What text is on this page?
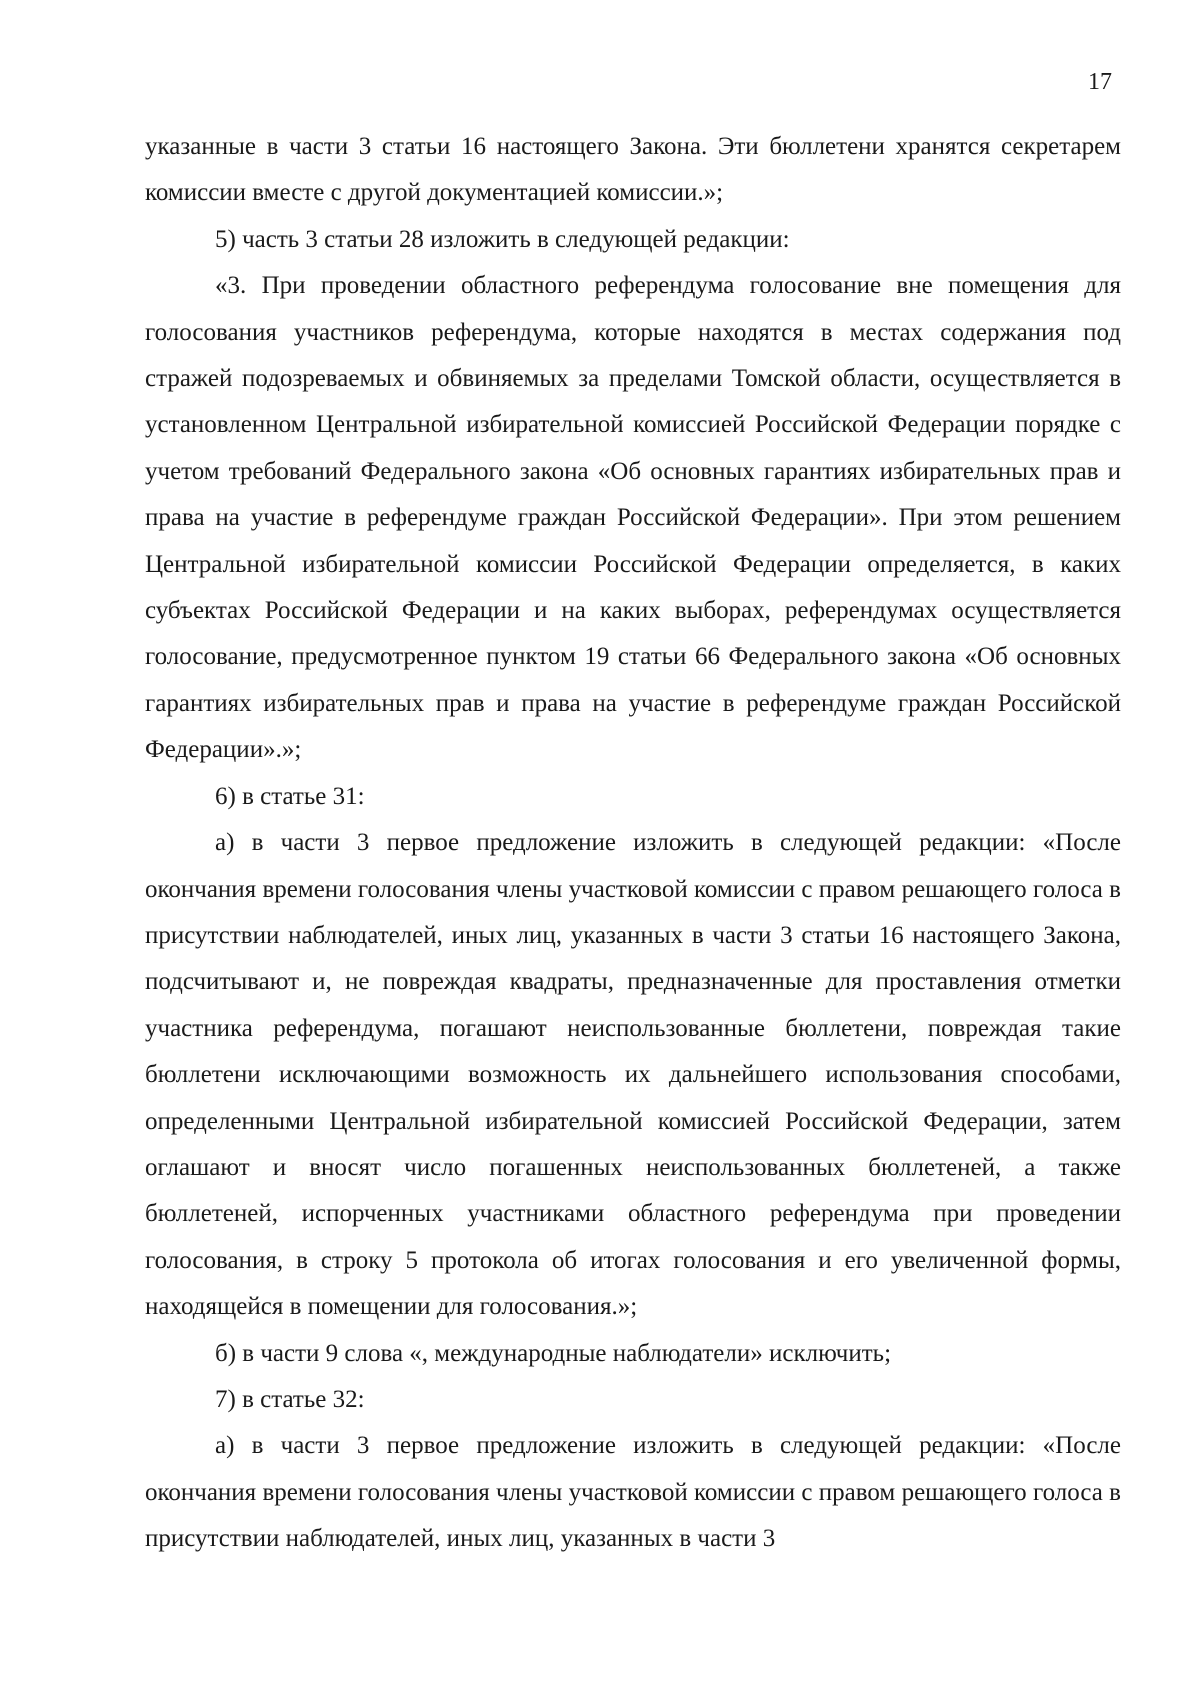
17

указанные в части 3 статьи 16 настоящего Закона. Эти бюллетени хранятся секретарем комиссии вместе с другой документацией комиссии.»;

5) часть 3 статьи 28 изложить в следующей редакции:

«3. При проведении областного референдума голосование вне помещения для голосования участников референдума, которые находятся в местах содержания под стражей подозреваемых и обвиняемых за пределами Томской области, осуществляется в установленном Центральной избирательной комиссией Российской Федерации порядке с учетом требований Федерального закона «Об основных гарантиях избирательных прав и права на участие в референдуме граждан Российской Федерации». При этом решением Центральной избирательной комиссии Российской Федерации определяется, в каких субъектах Российской Федерации и на каких выборах, референдумах осуществляется голосование, предусмотренное пунктом 19 статьи 66 Федерального закона «Об основных гарантиях избирательных прав и права на участие в референдуме граждан Российской Федерации».»;

6) в статье 31:

а) в части 3 первое предложение изложить в следующей редакции: «После окончания времени голосования члены участковой комиссии с правом решающего голоса в присутствии наблюдателей, иных лиц, указанных в части 3 статьи 16 настоящего Закона, подсчитывают и, не повреждая квадраты, предназначенные для проставления отметки участника референдума, погашают неиспользованные бюллетени, повреждая такие бюллетени исключающими возможность их дальнейшего использования способами, определенными Центральной избирательной комиссией Российской Федерации, затем оглашают и вносят число погашенных неиспользованных бюллетеней, а также бюллетеней, испорченных участниками областного референдума при проведении голосования, в строку 5 протокола об итогах голосования и его увеличенной формы, находящейся в помещении для голосования.»;

б) в части 9 слова «, международные наблюдатели» исключить;

7) в статье 32:

а) в части 3 первое предложение изложить в следующей редакции: «После окончания времени голосования члены участковой комиссии с правом решающего голоса в присутствии наблюдателей, иных лиц, указанных в части 3
